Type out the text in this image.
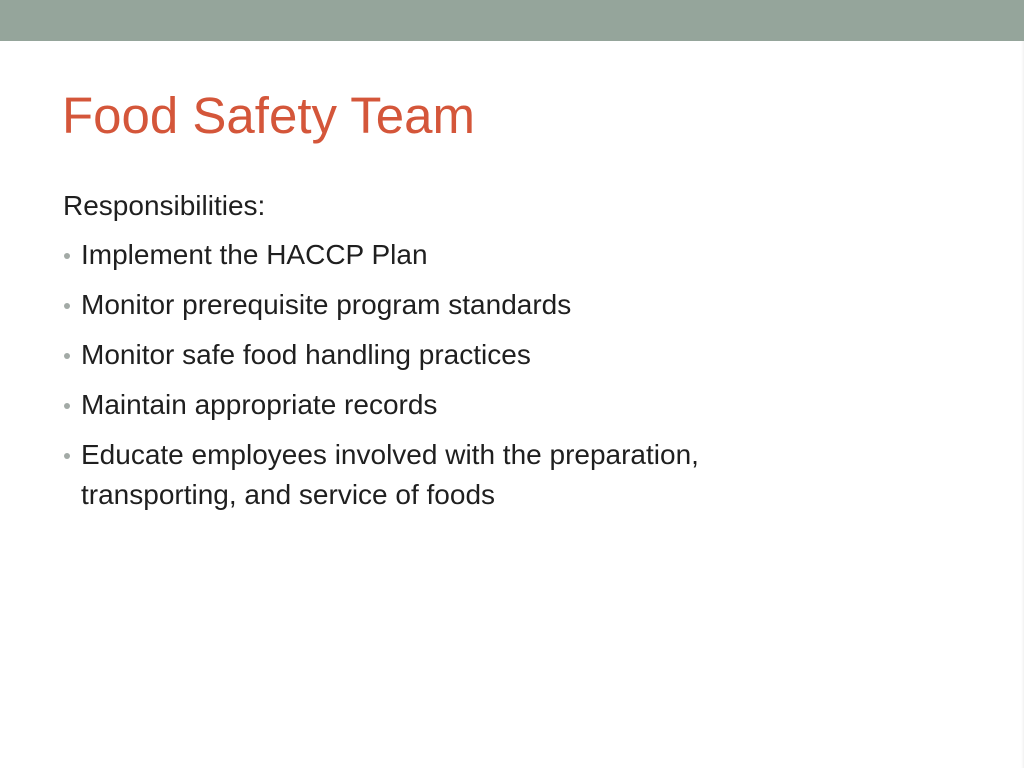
Food Safety Team
Responsibilities:
Implement the HACCP Plan
Monitor prerequisite program standards
Monitor safe food handling practices
Maintain appropriate records
Educate employees involved with the preparation,
transporting, and service of foods
